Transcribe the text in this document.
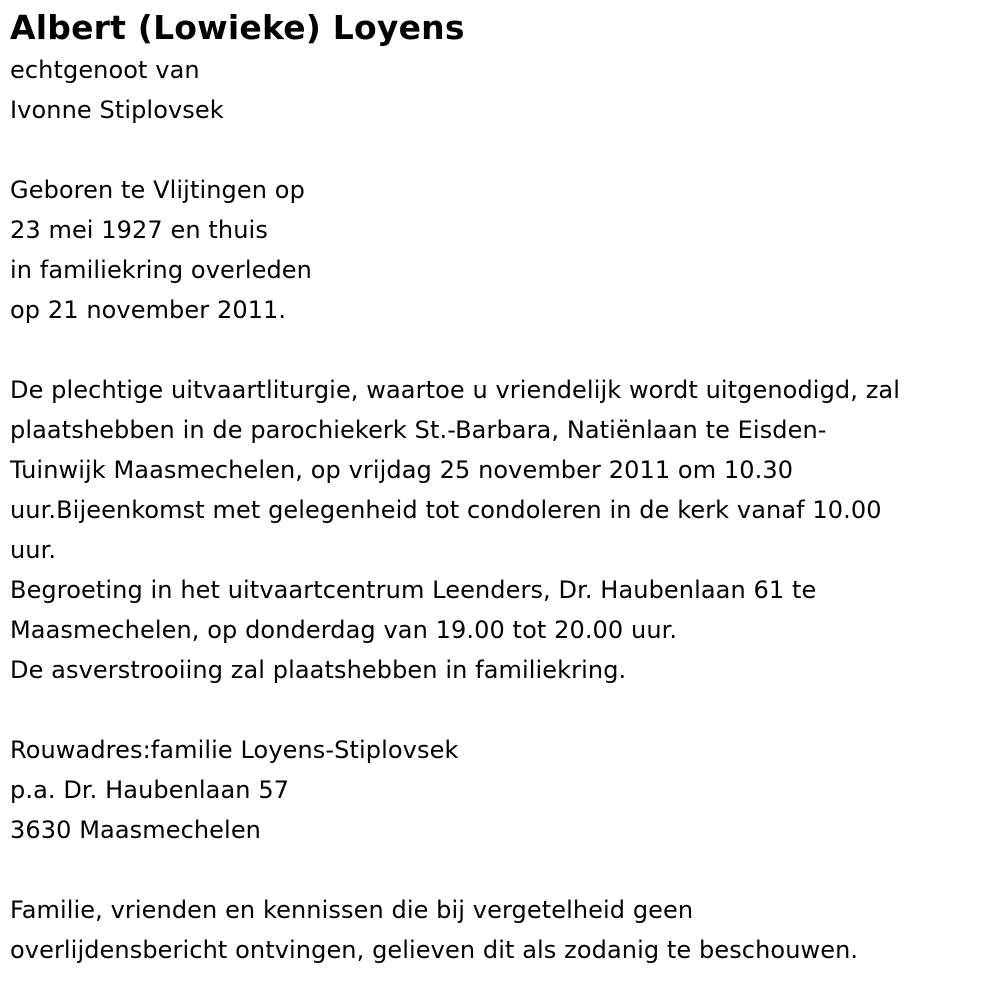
Albert (Lowieke) Loyens
echtgenoot van
Ivonne Stiplovsek
Geboren te Vlijtingen op
23 mei 1927 en thuis
in familiekring overleden
op 21 november 2011.
De plechtige uitvaartliturgie, waartoe u vriendelijk wordt uitgenodigd, zal
plaatshebben in de parochiekerk St.-Barbara, Natiënlaan te Eisden-
Tuinwijk Maasmechelen, op vrijdag 25 november 2011 om 10.30
uur.Bijeenkomst met gelegenheid tot condoleren in de kerk vanaf 10.00
uur.
Begroeting in het uitvaartcentrum Leenders, Dr. Haubenlaan 61 te
Maasmechelen, op donderdag van 19.00 tot 20.00 uur.
De asverstrooiing zal plaatshebben in familiekring.
Rouwadres:familie Loyens-Stiplovsek
p.a. Dr. Haubenlaan 57
3630 Maasmechelen
Familie, vrienden en kennissen die bij vergetelheid geen
overlijdensbericht ontvingen, gelieven dit als zodanig te beschouwen.
